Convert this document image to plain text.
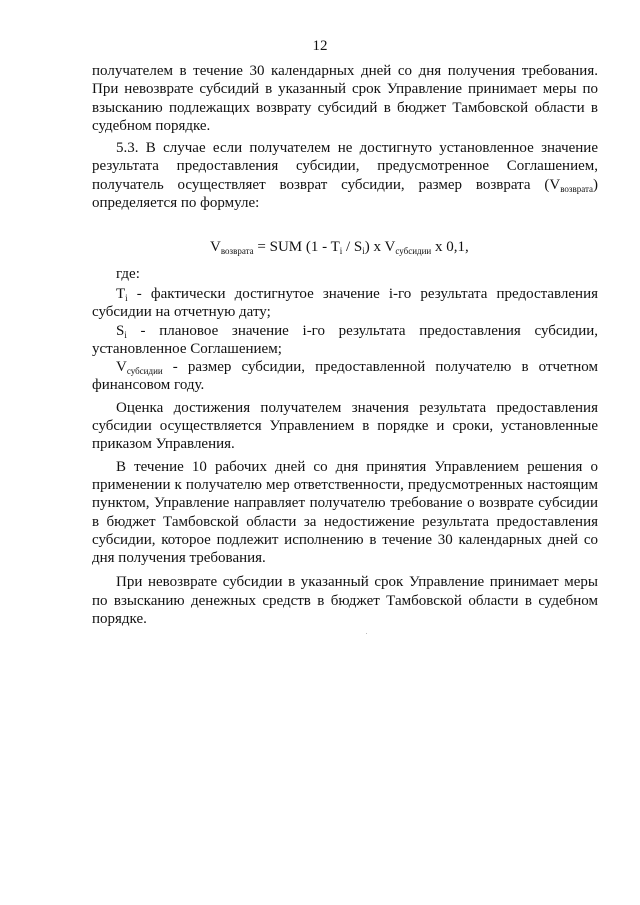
12

получателем в течение 30 календарных дней со дня получения требования. При невозврате субсидий в указанный срок Управление принимает меры по взысканию подлежащих возврату субсидий в бюджет Тамбовской области в судебном порядке.

5.3. В случае если получателем не достигнуто установленное значение результата предоставления субсидии, предусмотренное Соглашением, получатель осуществляет возврат субсидии, размер возврата $(V_{возврата})$ определяется по формуле:

$V_{возврата}$ = SUM $(1 - T_i / S_i)$ x $V_{субсидии}$ x 0,1,

где:

$T_i$ - фактически достигнутое значение i-го результата предоставления субсидии на отчетную дату;

$S_i$ - плановое значение i-го результата предоставления субсидии, установленное Соглашением;

$V_{субсидии}$ - размер субсидии, предоставленной получателю в отчетном финансовом году.

Оценка достижения получателем значения результата предоставления субсидии осуществляется Управлением в порядке и сроки, установленные приказом Управления.

В течение 10 рабочих дней со дня принятия Управлением решения о применении к получателю мер ответственности, предусмотренных настоящим пунктом, Управление направляет получателю требование о возврате субсидии в бюджет Тамбовской области за недостижение результата предоставления субсидии, которое подлежит исполнению в течение 30 календарных дней со дня получения требования.

При невозврате субсидии в указанный срок Управление принимает меры по взысканию денежных средств в бюджет Тамбовской области в судебном порядке.
